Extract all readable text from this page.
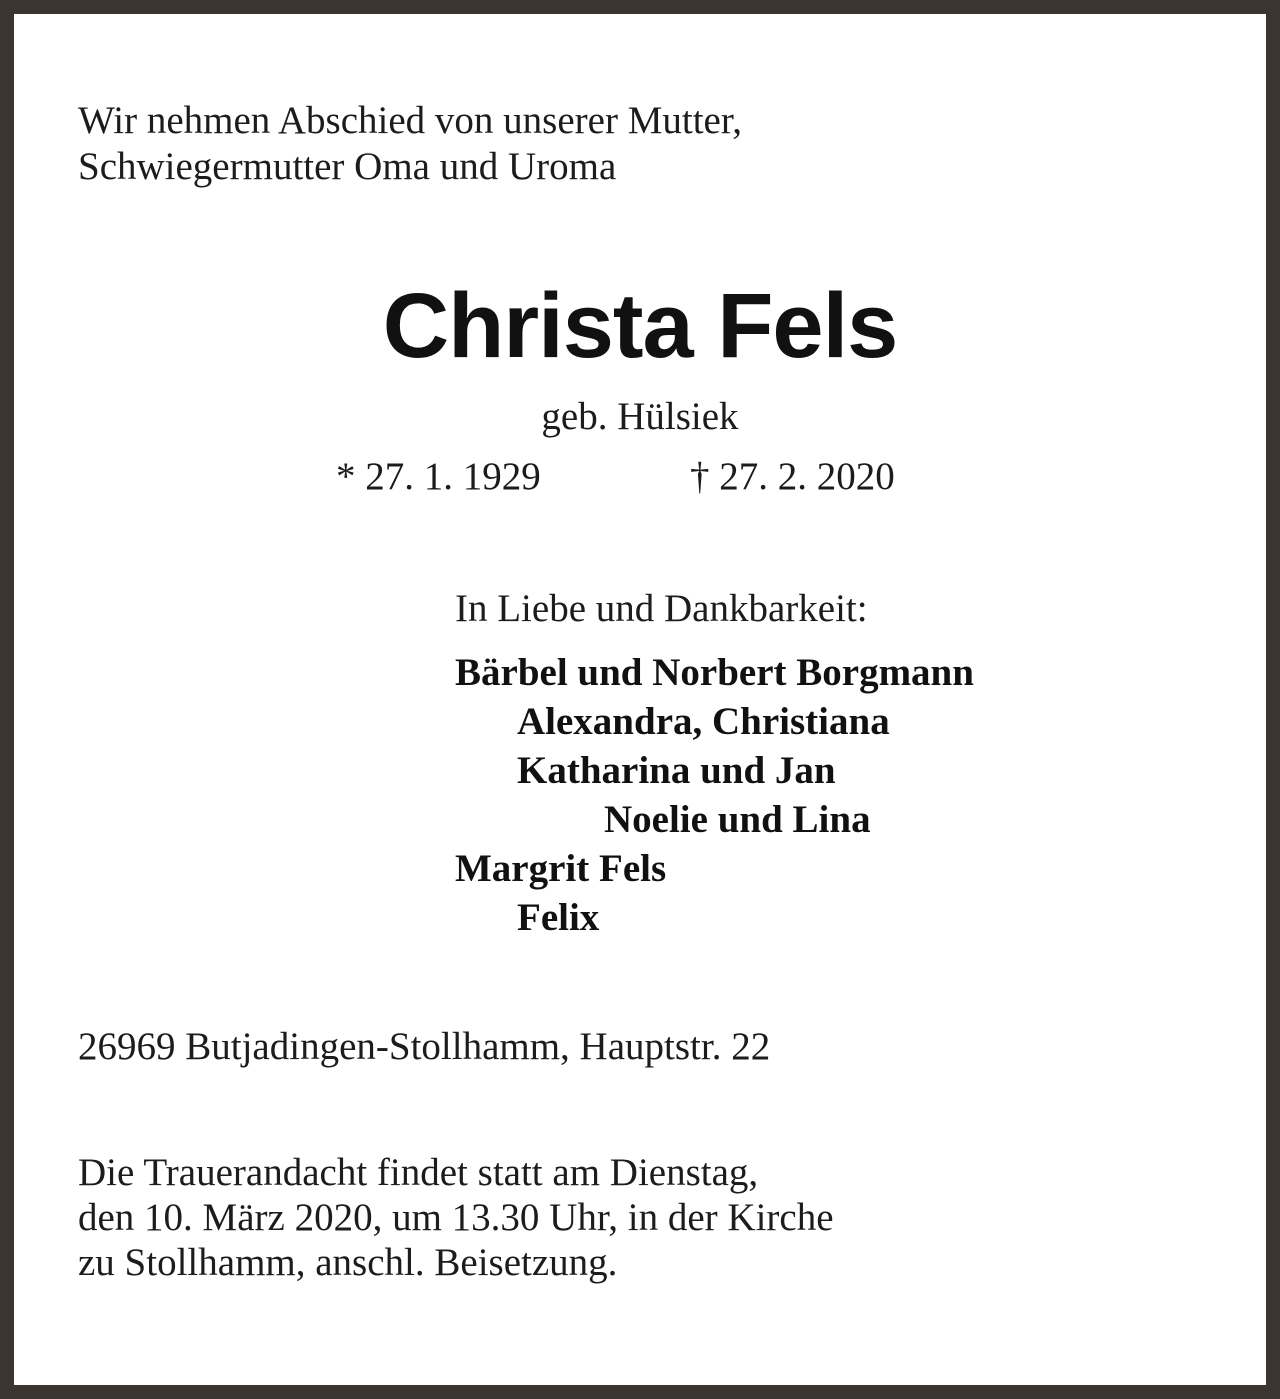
Wir nehmen Abschied von unserer Mutter,
Schwiegermutter Oma und Uroma
Christa Fels
geb. Hülsiek
* 27. 1. 1929	† 27. 2. 2020
In Liebe und Dankbarkeit:
Bärbel und Norbert Borgmann
Alexandra, Christiana
Katharina und Jan
Noelie und Lina
Margrit Fels
Felix
26969 Butjadingen-Stollhamm, Hauptstr. 22
Die Trauerandacht findet statt am Dienstag,
den 10. März 2020, um 13.30 Uhr, in der Kirche
zu Stollhamm, anschl. Beisetzung.
